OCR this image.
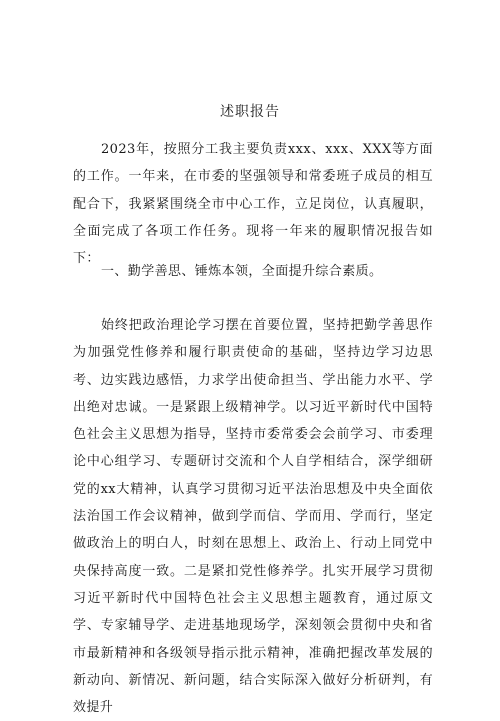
述职报告

2023年，按照分工我主要负责xxx、xxx、XXX等方面的工作。一年来，在市委的坚强领导和常委班子成员的相互配合下，我紧紧围绕全市中心工作，立足岗位，认真履职，全面完成了各项工作任务。现将一年来的履职情况报告如下：

一、勤学善思、锤炼本领，全面提升综合素质。

始终把政治理论学习摆在首要位置，坚持把勤学善思作为加强党性修养和履行职责使命的基础，坚持边学习边思考、边实践边感悟，力求学出使命担当、学出能力水平、学出绝对忠诚。一是紧跟上级精神学。以习近平新时代中国特色社会主义思想为指导，坚持市委常委会会前学习、市委理论中心组学习、专题研讨交流和个人自学相结合，深学细研党的xx大精神，认真学习贯彻习近平法治思想及中央全面依法治国工作会议精神，做到学而信、学而用、学而行，坚定做政治上的明白人，时刻在思想上、政治上、行动上同党中央保持高度一致。二是紧扣党性修养学。扎实开展学习贯彻习近平新时代中国特色社会主义思想主题教育，通过原文学、专家辅导学、走进基地现场学，深刻领会贯彻中央和省市最新精神和各级领导指示批示精神，准确把握改革发展的新动向、新情况、新问题，结合实际深入做好分析研判，有效提升
